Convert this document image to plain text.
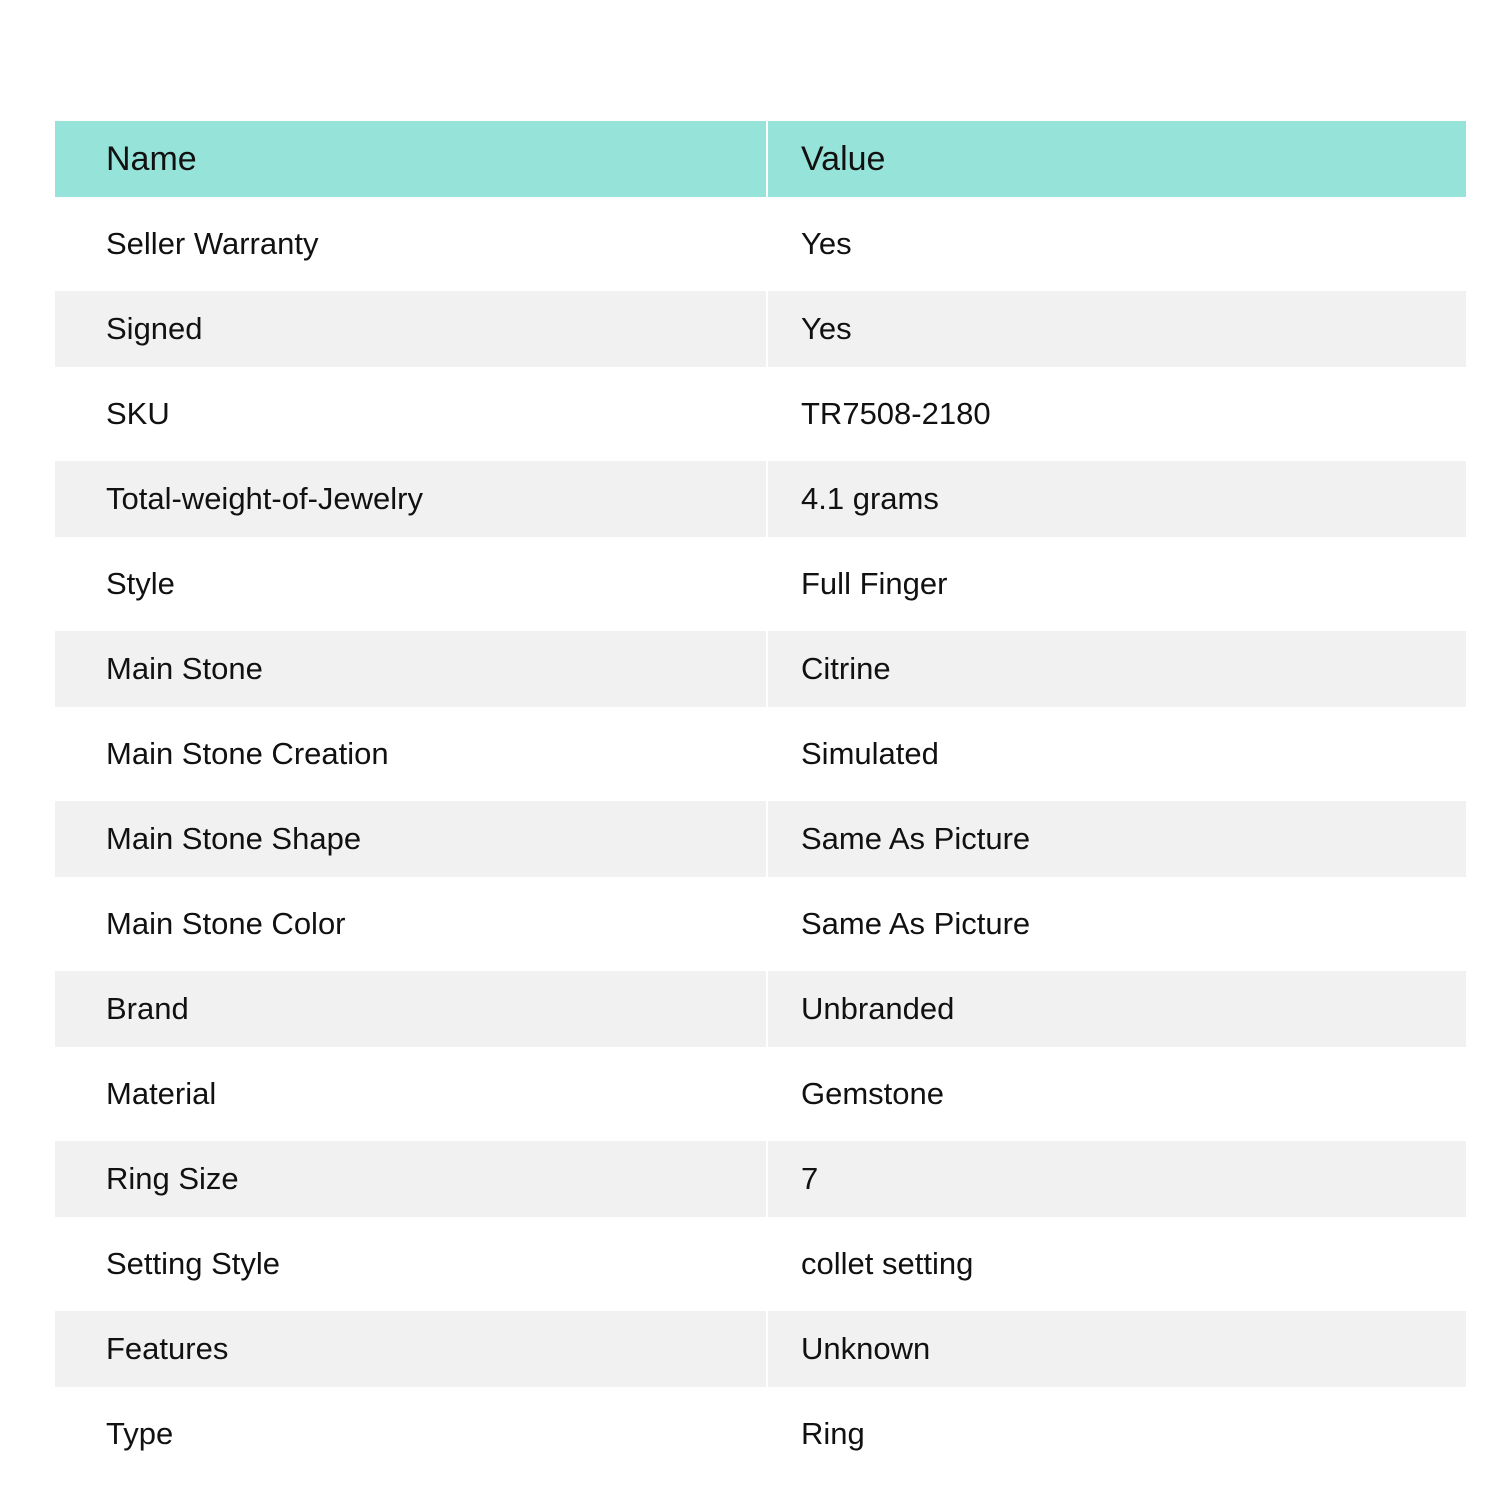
Name	Value
Seller Warranty	Yes
Signed	Yes
SKU	TR7508-2180
Total-weight-of-Jewelry	4.1 grams
Style	Full Finger
Main Stone	Citrine
Main Stone Creation	Simulated
Main Stone Shape	Same As Picture
Main Stone Color	Same As Picture
Brand	Unbranded
Material	Gemstone
Ring Size	7
Setting Style	collet setting
Features	Unknown
Type	Ring
